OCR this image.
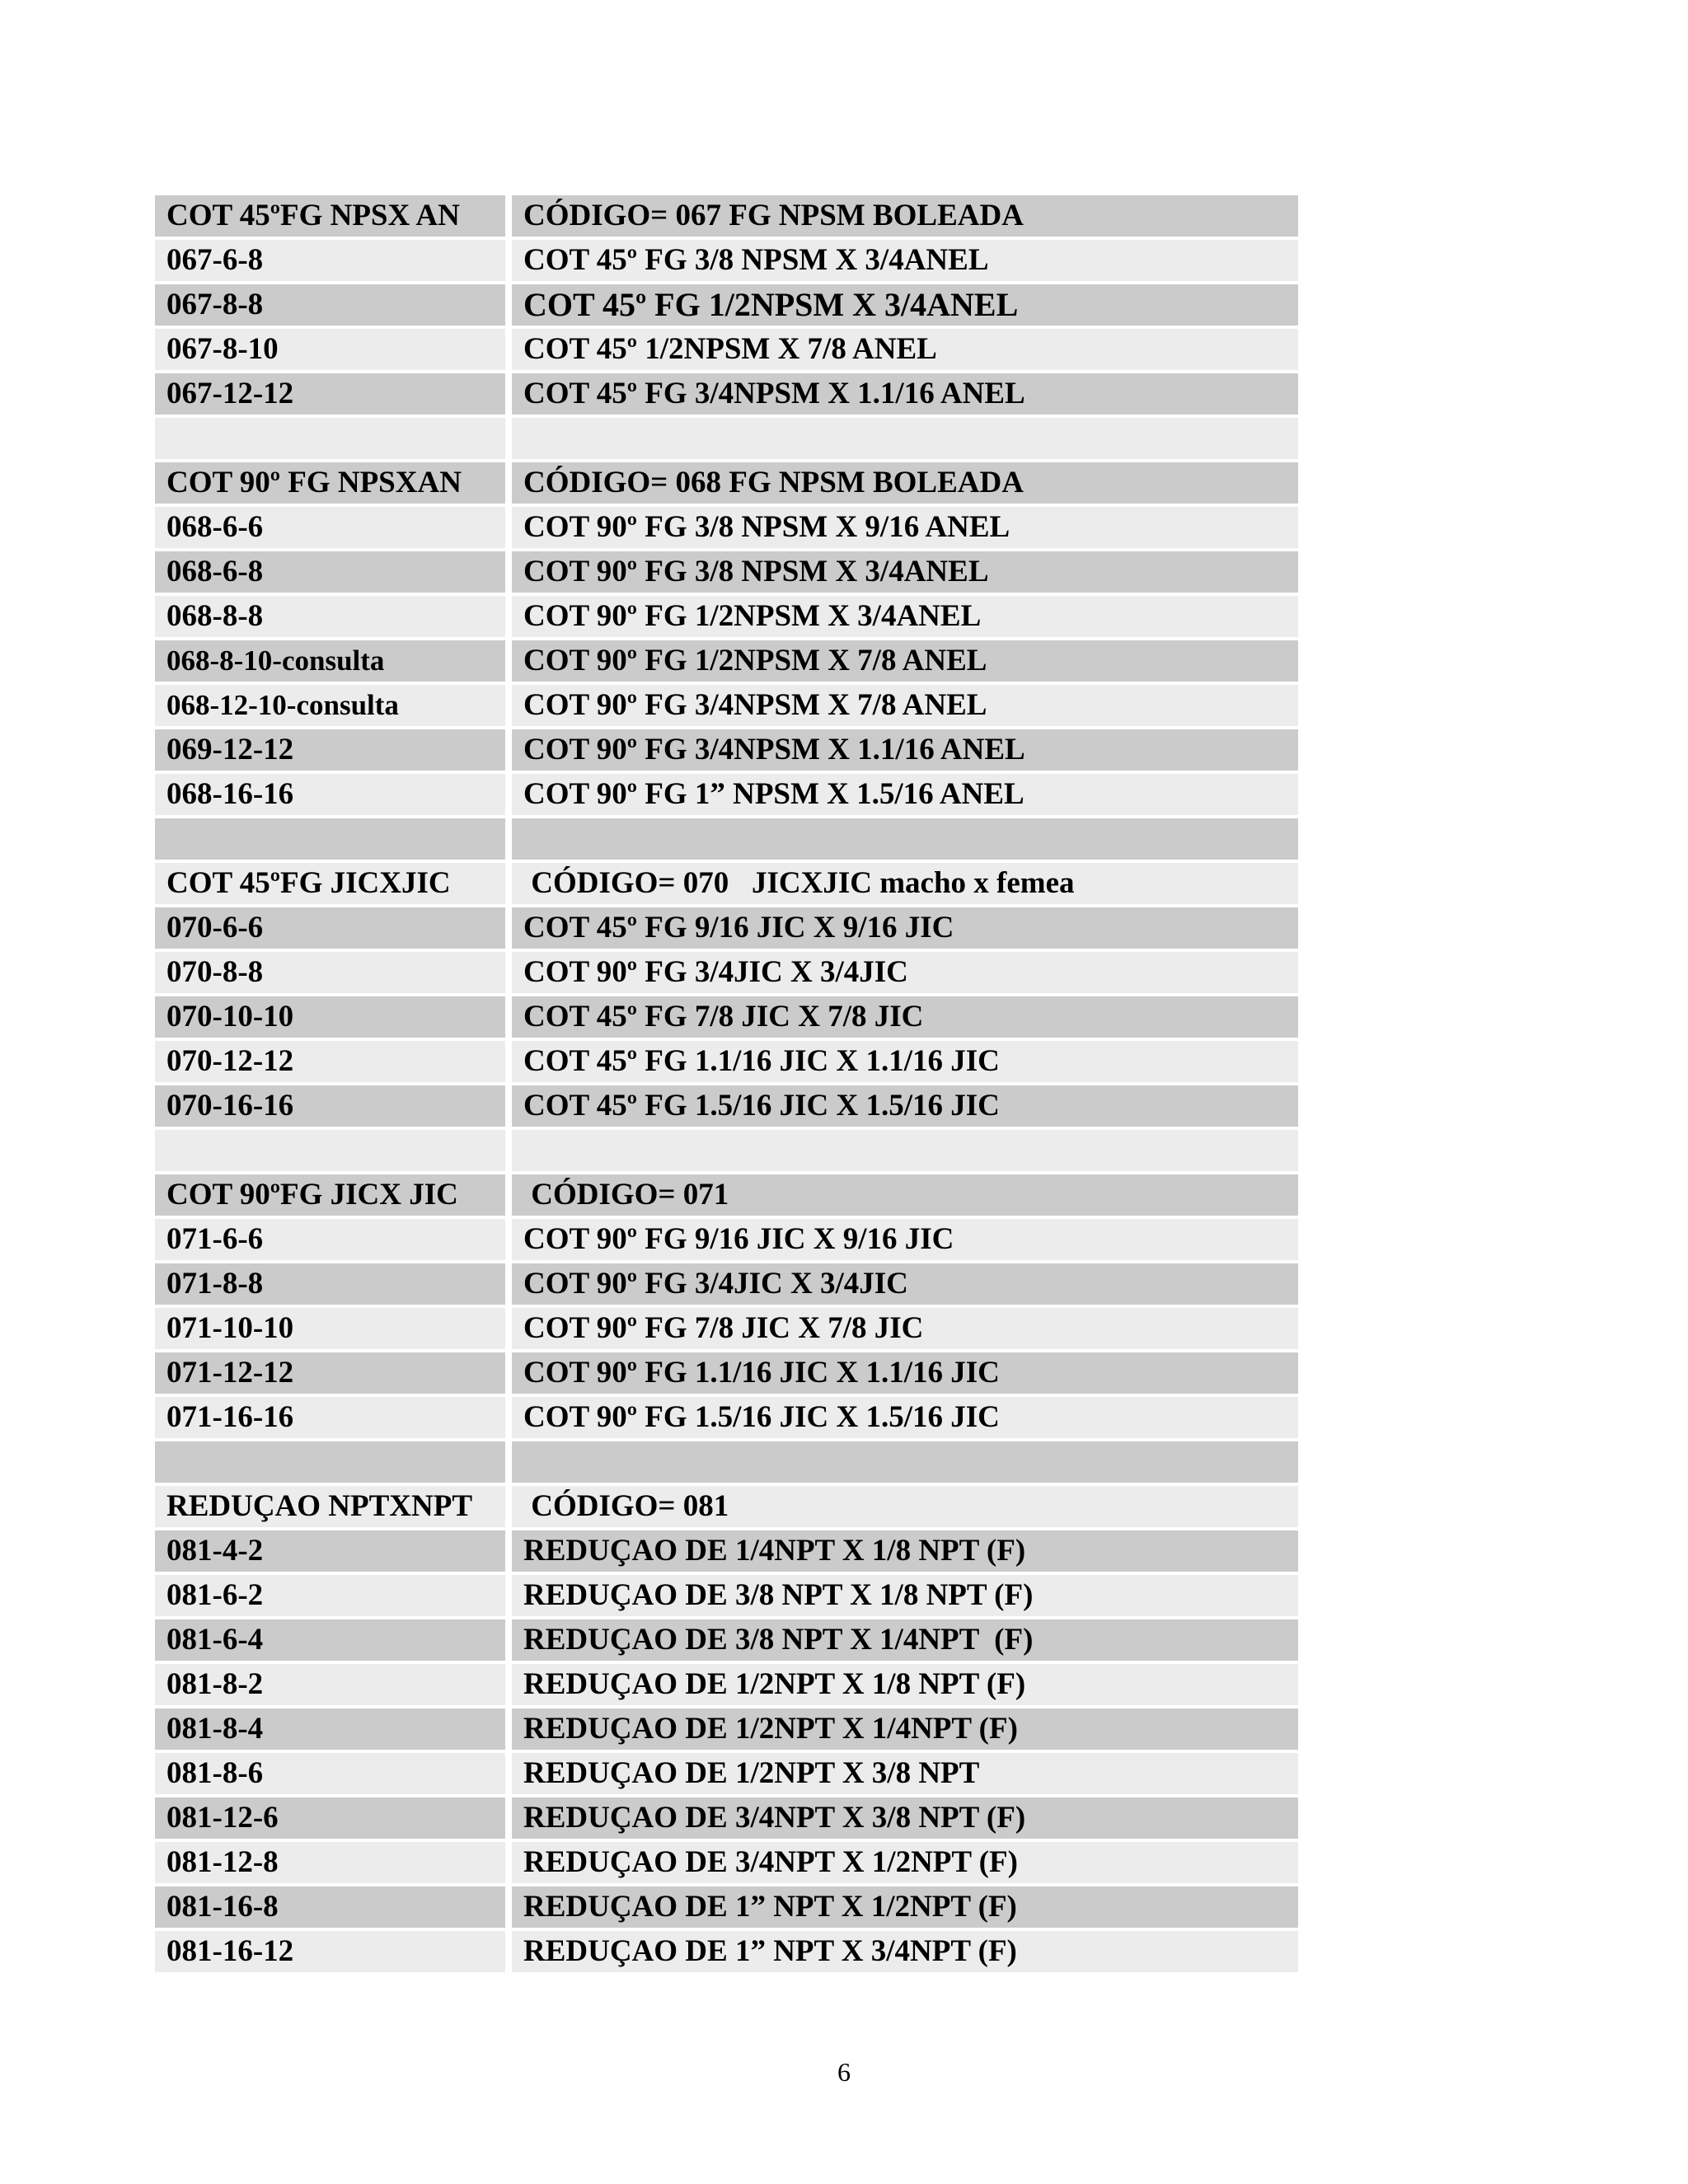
COT 45ºFG NPSX AN	CÓDIGO= 067 FG NPSM BOLEADA
067-6-8	COT 45º FG 3/8 NPSM X 3/4ANEL
067-8-8	COT 45º FG 1/2NPSM X 3/4ANEL
067-8-10	COT 45º 1/2NPSM X 7/8 ANEL
067-12-12	COT 45º FG 3/4NPSM X 1.1/16 ANEL
COT 90º FG NPSXAN	CÓDIGO= 068 FG NPSM BOLEADA
068-6-6	COT 90º FG 3/8 NPSM X 9/16 ANEL
068-6-8	COT 90º FG 3/8 NPSM X 3/4ANEL
068-8-8	COT 90º FG 1/2NPSM X 3/4ANEL
068-8-10-consulta	COT 90º FG 1/2NPSM X 7/8 ANEL
068-12-10-consulta	COT 90º FG 3/4NPSM X 7/8 ANEL
069-12-12	COT 90º FG 3/4NPSM X 1.1/16 ANEL
068-16-16	COT 90º FG 1” NPSM X 1.5/16 ANEL
COT 45ºFG JICXJIC	CÓDIGO= 070   JICXJIC macho x femea
070-6-6	COT 45º FG 9/16 JIC X 9/16 JIC
070-8-8	COT 90º FG 3/4JIC X 3/4JIC
070-10-10	COT 45º FG 7/8 JIC X 7/8 JIC
070-12-12	COT 45º FG 1.1/16 JIC X 1.1/16 JIC
070-16-16	COT 45º FG 1.5/16 JIC X 1.5/16 JIC
COT 90ºFG JICX JIC	CÓDIGO= 071
071-6-6	COT 90º FG 9/16 JIC X 9/16 JIC
071-8-8	COT 90º FG 3/4JIC X 3/4JIC
071-10-10	COT 90º FG 7/8 JIC X 7/8 JIC
071-12-12	COT 90º FG 1.1/16 JIC X 1.1/16 JIC
071-16-16	COT 90º FG 1.5/16 JIC X 1.5/16 JIC
REDUÇAO NPTXNPT	CÓDIGO= 081
081-4-2	REDUÇAO DE 1/4NPT X 1/8 NPT (F)
081-6-2	REDUÇAO DE 3/8 NPT X 1/8 NPT (F)
081-6-4	REDUÇAO DE 3/8 NPT X 1/4NPT  (F)
081-8-2	REDUÇAO DE 1/2NPT X 1/8 NPT (F)
081-8-4	REDUÇAO DE 1/2NPT X 1/4NPT (F)
081-8-6	REDUÇAO DE 1/2NPT X 3/8 NPT
081-12-6	REDUÇAO DE 3/4NPT X 3/8 NPT (F)
081-12-8	REDUÇAO DE 3/4NPT X 1/2NPT (F)
081-16-8	REDUÇAO DE 1” NPT X 1/2NPT (F)
081-16-12	REDUÇAO DE 1” NPT X 3/4NPT (F)
6
